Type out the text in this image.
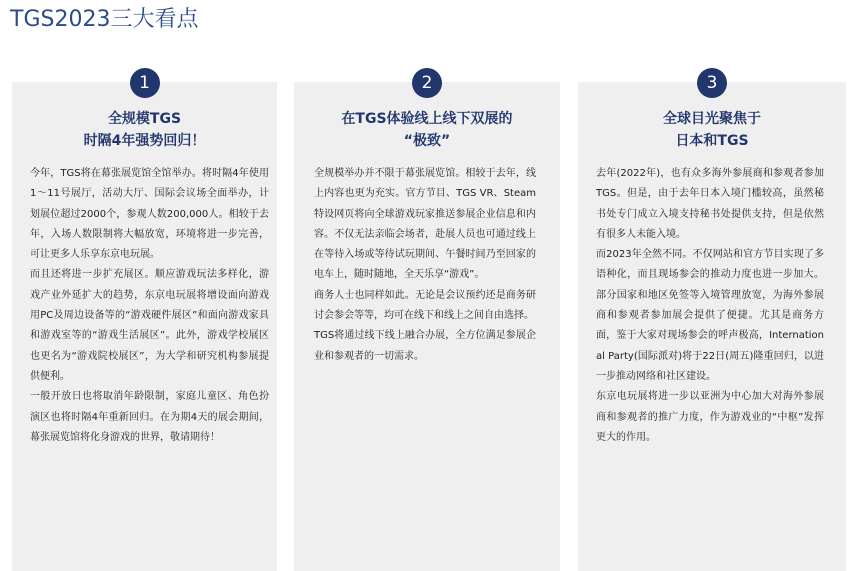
TGS2023三大看点
1
全规模TGS
时隔4年强势回归！

今年，TGS将在幕张展览馆全馆举办。将时隔4年使用1～11号展厅，活动大厅、国际会议场全面举办，计划展位超过2000个，参观人数200,000人。相较于去年，入场人数限制将大幅放宽，环境将进一步完善，可让更多人乐享东京电玩展。

而且还将进一步扩充展区。顺应游戏玩法多样化，游戏产业外延扩大的趋势，东京电玩展将增设面向游戏用PC及周边设备等的“游戏硬件展区”和面向游戏家具和游戏室等的“游戏生活展区”。此外，游戏学校展区也更名为“游戏院校展区”，为大学和研究机构参展提供便利。

一般开放日也将取消年龄限制，家庭儿童区、角色扮演区也将时隔4年重新回归。在为期4天的展会期间，幕张展览馆将化身游戏的世界，敬请期待！

2
在TGS体验线上线下双展的
“极致”

全规模举办并不限于幕张展览馆。相较于去年，线上内容也更为充实。官方节目、TGS VR、Steam特设网页将向全球游戏玩家推送参展企业信息和内容。不仅无法亲临会场者，赴展人员也可通过线上在等待入场或等待试玩期间、午餐时间乃至回家的电车上，随时随地，全天乐享“游戏”。

商务人士也同样如此。无论是会议预约还是商务研讨会参会等等，均可在线下和线上之间自由选择。

TGS将通过线下线上融合办展，全方位满足参展企业和参观者的一切需求。

3
全球目光聚焦于
日本和TGS

去年(2022年)，也有众多海外参展商和参观者参加TGS。但是，由于去年日本入境门槛较高，虽然秘书处专门成立入境支持秘书处提供支持，但是依然有很多人未能入境。

而2023年全然不同。不仅网站和官方节目实现了多语种化，而且现场参会的推动力度也进一步加大。部分国家和地区免签等入境管理放宽，为海外参展商和参观者参加展会提供了便捷。尤其是商务方面，鉴于大家对现场参会的呼声极高，International Party(国际派对)将于22日(周五)隆重回归，以进一步推动网络和社区建设。

东京电玩展将进一步以亚洲为中心加大对海外参展商和参观者的推广力度，作为游戏业的“中枢”发挥更大的作用。
